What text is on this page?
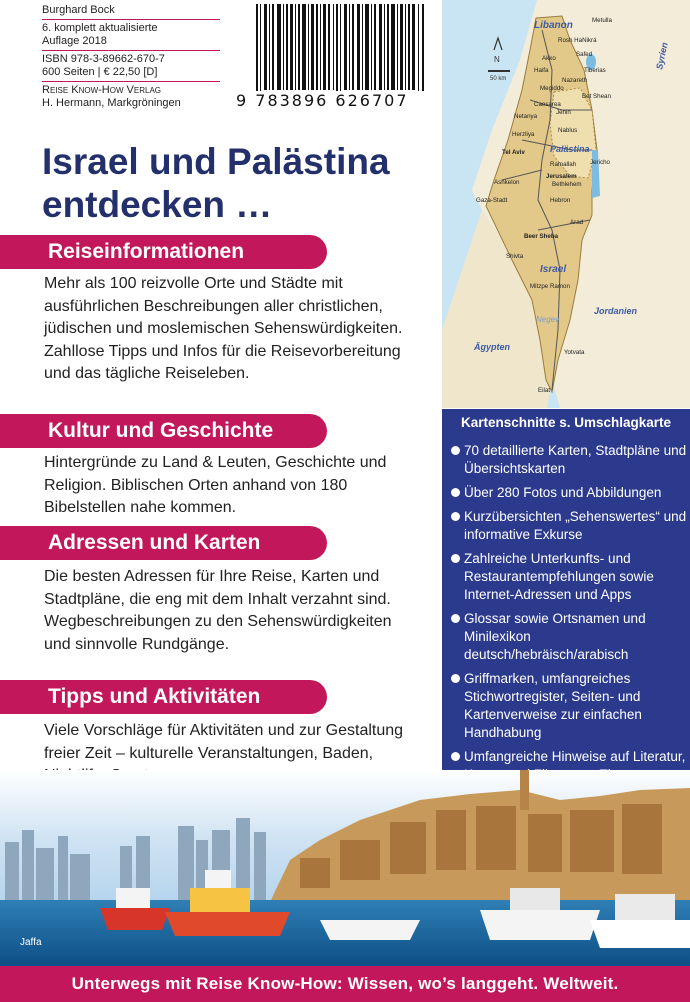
Burghard Bock
6. komplett aktualisierte
Auflage 2018
ISBN 978-3-89662-670-7
600 Seiten | € 22,50 [D]
Reise Know-How Verlag
H. Hermann, Markgröningen	9 783896 626707
Israel und Palästina
entdecken …
Reiseinformationen

Mehr als 100 reizvolle Orte und Städte mit ausführlichen Beschreibungen aller christlichen, jüdischen und moslemischen Sehenswürdigkeiten.

Zahllose Tipps und Infos für die Reisevorbereitung und das tägliche Reiseleben.

Kultur und Geschichte

Hintergründe zu Land & Leuten, Geschichte und Religion. Biblischen Orten anhand von 180 Bibelstellen nahe kommen.

Adressen und Karten

Die besten Adressen für Ihre Reise, Karten und Stadtpläne, die eng mit dem Inhalt verzahnt sind.

Wegbeschreibungen zu den Sehenswürdigkeiten und sinnvolle Rundgänge.

Tipps und Aktivitäten

Viele Vorschläge für Aktivitäten und zur Gestaltung freier Zeit – kulturelle Veranstaltungen, Baden,

N
50 km
Libanon
Syrien
Metulla
Rosh HaNikrá
Akko
Safed
Haifa	Tiberias
Nazareth
Megiddo
Bet Shean
Caesarea
Jenin
Netanya
Nablus
Herzliya
Tel Aviv	Palästina
Ramallah Jericho
Jerusalem
Bethlehem
Ashkelon
Gaza-Stadt	Hebron
Arad
Beer Sheba
Shivta
Israel
Mitzpe Ramon
Jordanien
Negev
Ägypten
Yotvata
Eilat
Kartenschnitte s. Umschlagkarte
70 detaillierte Karten, Stadtpläne und Übersichtskarten
Über 280 Fotos und Abbildungen
Kurzübersichten „Sehenswertes“ und informative Exkurse
Zahlreiche Unterkunfts- und Restaurantempfehlungen sowie Internet-Adressen und Apps
Glossar sowie Ortsnamen und Minilexikon deutsch/hebräisch/arabisch
Griffmarken, umfangreiches Stichwortregister, Seiten- und Kartenverweise zur einfachen Handhabung
Umfangreiche Hinweise auf Literatur,
Jaffa
Unterwegs mit Reise Know-How: Wissen, wo’s langgeht. Weltweit.
